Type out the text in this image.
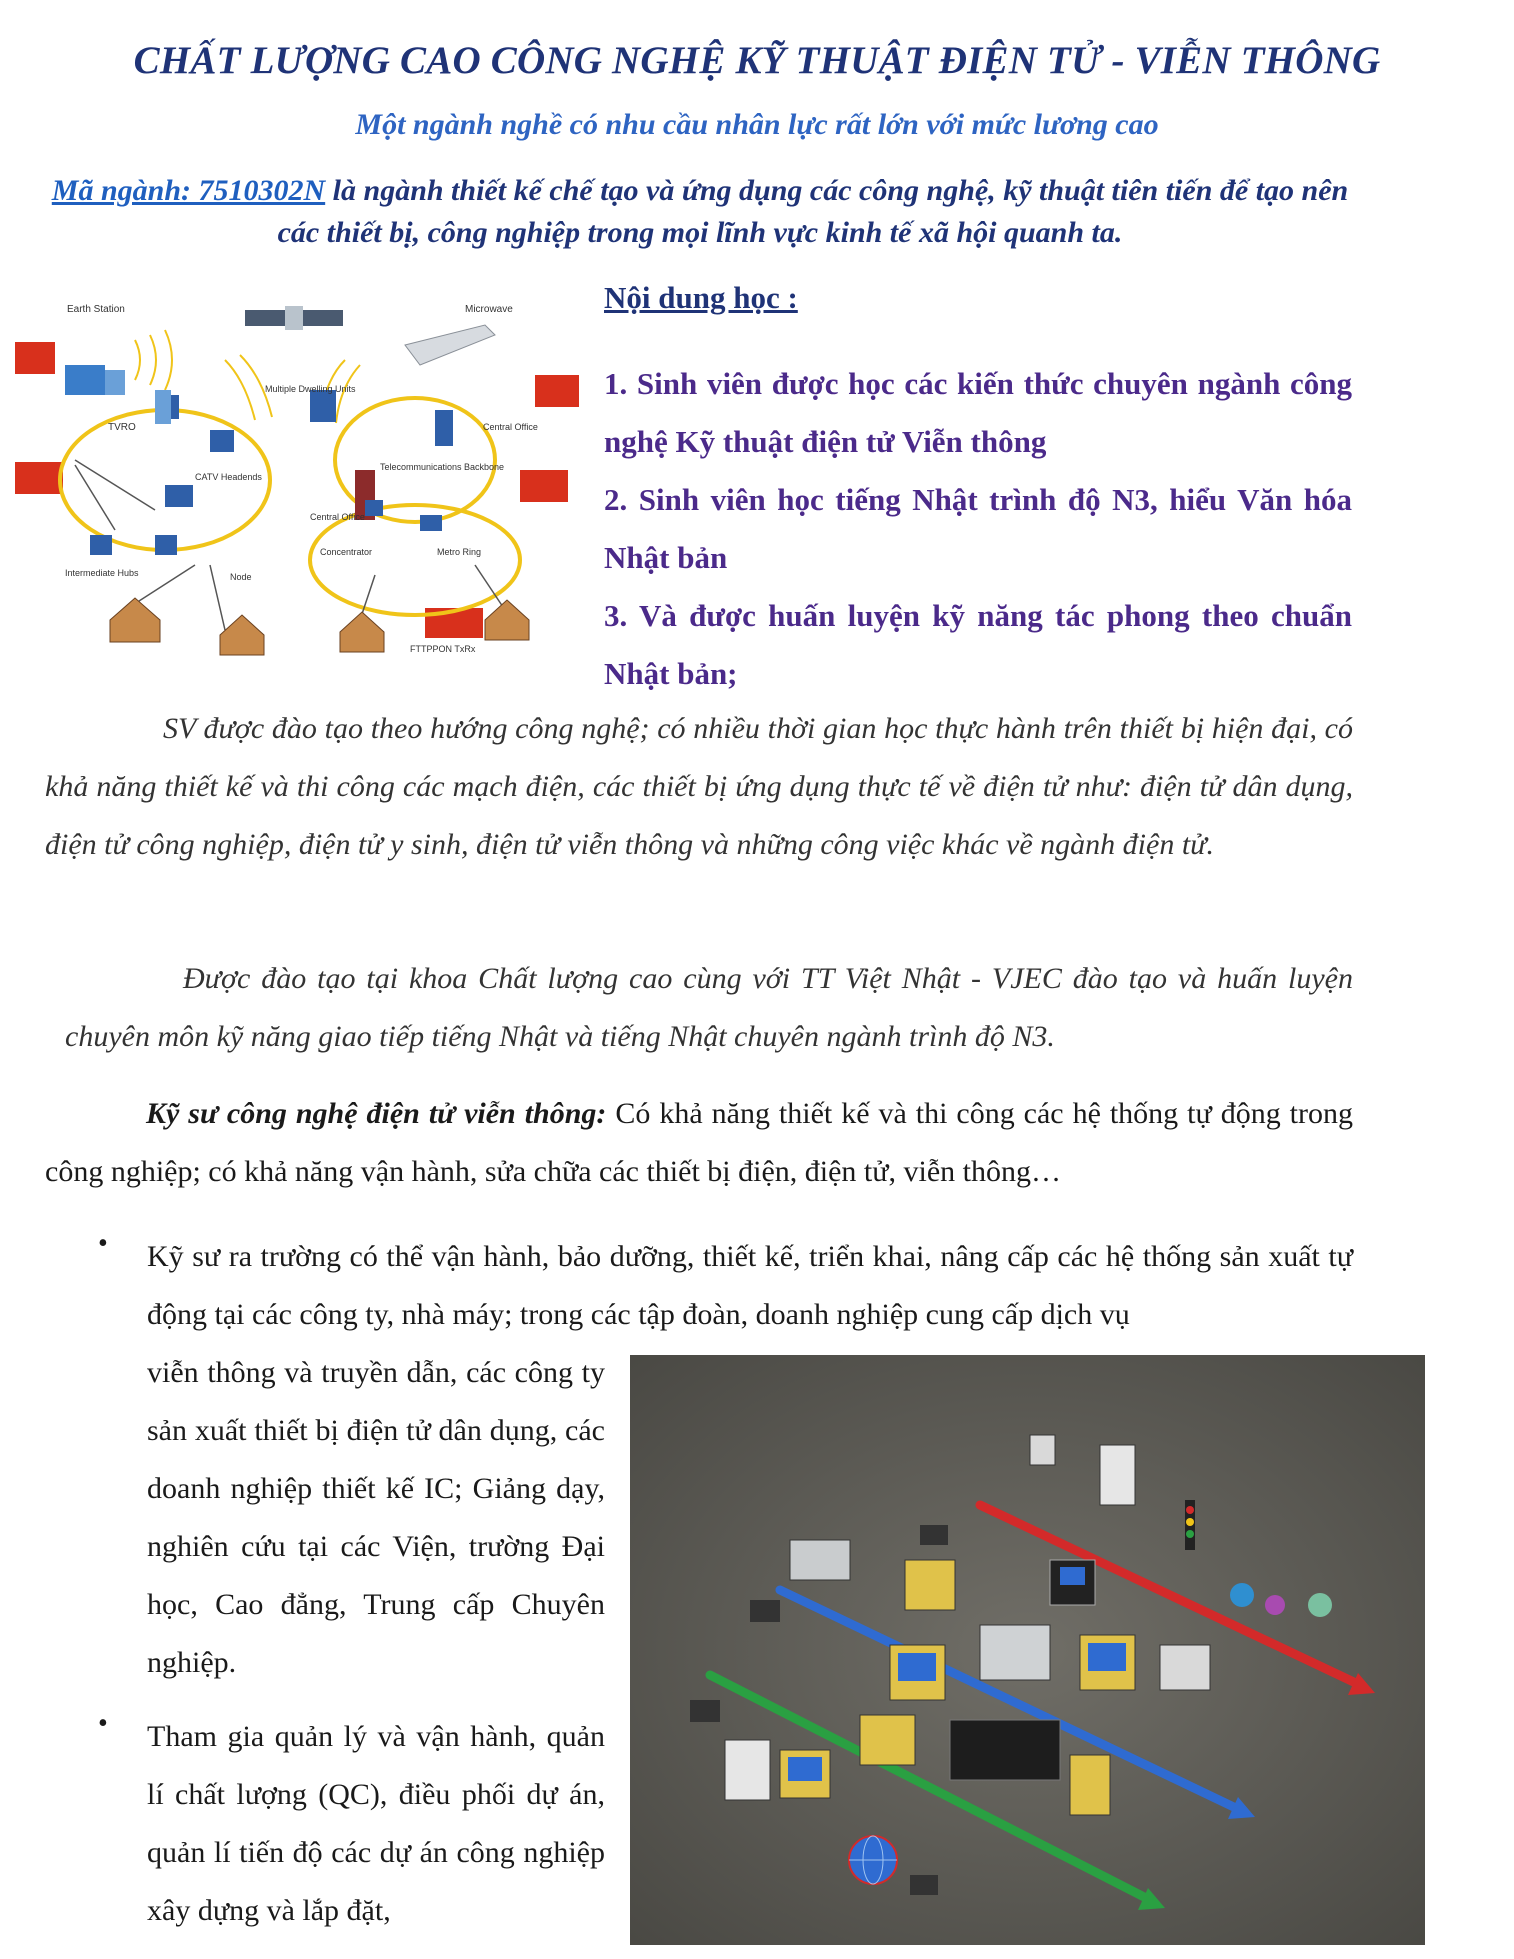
CHẤT LƯỢNG CAO CÔNG NGHỆ KỸ THUẬT ĐIỆN TỬ - VIỄN THÔNG
Một ngành nghề có nhu cầu nhân lực rất lớn với mức lương cao
Mã ngành: 7510302N là ngành thiết kế chế tạo và ứng dụng các công nghệ, kỹ thuật tiên tiến để tạo nên các thiết bị, công nghiệp trong mọi lĩnh vực kinh tế xã hội quanh ta.
Earth Station	Microwave
TVRO
Multiple Dwelling Units
Central Office
CATV Headends
Telecommunications Backbone
Central Office
Concentrator	Metro Ring
Intermediate Hubs	Node
FTTPPON TxRx
Nội dung học :
1. Sinh viên được học các kiến thức chuyên ngành công nghệ Kỹ thuật điện tử Viễn thông
2. Sinh viên học tiếng Nhật trình độ N3, hiểu Văn hóa Nhật bản
3. Và được huấn luyện kỹ năng tác phong theo chuẩn Nhật bản;
SV được đào tạo theo hướng công nghệ; có nhiều thời gian học thực hành trên thiết bị hiện đại, có khả năng thiết kế và thi công các mạch điện, các thiết bị ứng dụng thực tế về điện tử như: điện tử dân dụng, điện tử công nghiệp, điện tử y sinh, điện tử viễn thông và những công việc khác về ngành điện tử.
Được đào tạo tại khoa Chất lượng cao cùng với TT Việt Nhật - VJEC đào tạo và huấn luyện chuyên môn kỹ năng giao tiếp tiếng Nhật và tiếng Nhật chuyên ngành trình độ N3.
Kỹ sư công nghệ điện tử viễn thông: Có khả năng thiết kế và thi công các hệ thống tự động trong công nghiệp; có khả năng vận hành, sửa chữa các thiết bị điện, điện tử, viễn thông…
• Kỹ sư ra trường có thể vận hành, bảo dưỡng, thiết kế, triển khai, nâng cấp các hệ thống sản xuất tự động tại các công ty, nhà máy; trong các tập đoàn, doanh nghiệp cung cấp dịch vụ
viễn thông và truyền dẫn, các công ty sản xuất thiết bị điện tử dân dụng, các doanh nghiệp thiết kế IC; Giảng dạy, nghiên cứu tại các Viện, trường Đại học, Cao đẳng, Trung cấp Chuyên nghiệp.
• Tham gia quản lý và vận hành, quản lí chất lượng (QC), điều phối dự án, quản lí tiến độ các dự án công nghiệp xây dựng và lắp đặt,
